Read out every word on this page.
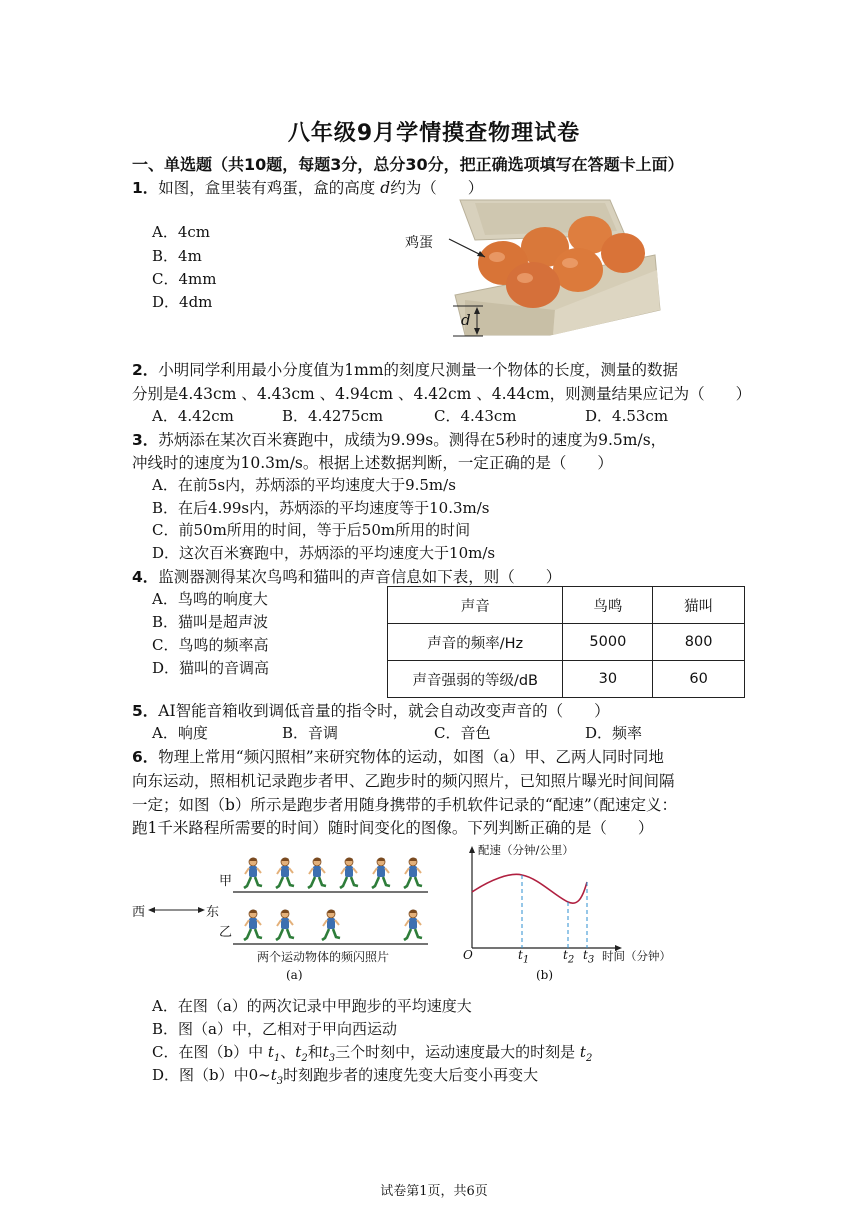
八年级9月学情摸查物理试卷
一、单选题（共10题，每题3分，总分30分，把正确选项填写在答题卡上面）
1．如图，盒里装有鸡蛋，盒的高度 d约为（　　）
A．4cm
B．4m
C．4mm
D．4dm
鸡蛋
d
2．小明同学利用最小分度值为1mm的刻度尺测量一个物体的长度，测量的数据
分别是4.43cm 、4.43cm 、4.94cm 、4.42cm 、4.44cm，则测量结果应记为（　　）
A．4.42cm	B．4.4275cm	C．4.43cm	D．4.53cm
3．苏炳添在某次百米赛跑中，成绩为9.99s。测得在5秒时的速度为9.5m/s，
冲线时的速度为10.3m/s。根据上述数据判断，一定正确的是（　　）
A．在前5s内，苏炳添的平均速度大于9.5m/s
B．在后4.99s内，苏炳添的平均速度等于10.3m/s
C．前50m所用的时间，等于后50m所用的时间
D．这次百米赛跑中，苏炳添的平均速度大于10m/s
4．监测器测得某次鸟鸣和猫叫的声音信息如下表，则（　　）
A．鸟鸣的响度大
B．猫叫是超声波
C．鸟鸣的频率高
D．猫叫的音调高
声音	鸟鸣	猫叫
声音的频率/Hz	5000	800
声音强弱的等级/dB	30	60
5．AI智能音箱收到调低音量的指令时，就会自动改变声音的（　　）
A．响度	B．音调	C．音色	D．频率
6．物理上常用“频闪照相”来研究物体的运动，如图（a）甲、乙两人同时同地
向东运动，照相机记录跑步者甲、乙跑步时的频闪照片，已知照片曝光时间间隔
一定；如图（b）所示是跑步者用随身携带的手机软件记录的“配速”（配速定义：
跑1千米路程所需要的时间）随时间变化的图像。下列判断正确的是（　　）
甲
乙
西	东
两个运动物体的频闪照片
(a)
配速（分钟/公里）
时间（分钟）
O	$t_1$	$t_2$ $t_3$
(b)
A．在图（a）的两次记录中甲跑步的平均速度大
B．图（a）中，乙相对于甲向西运动
C．在图（b）中 $t_1$、$t_2$和$t_3$三个时刻中，运动速度最大的时刻是 $t_2$
D．图（b）中$0\sim t_3$时刻跑步者的速度先变大后变小再变大
试卷第1页，共6页
